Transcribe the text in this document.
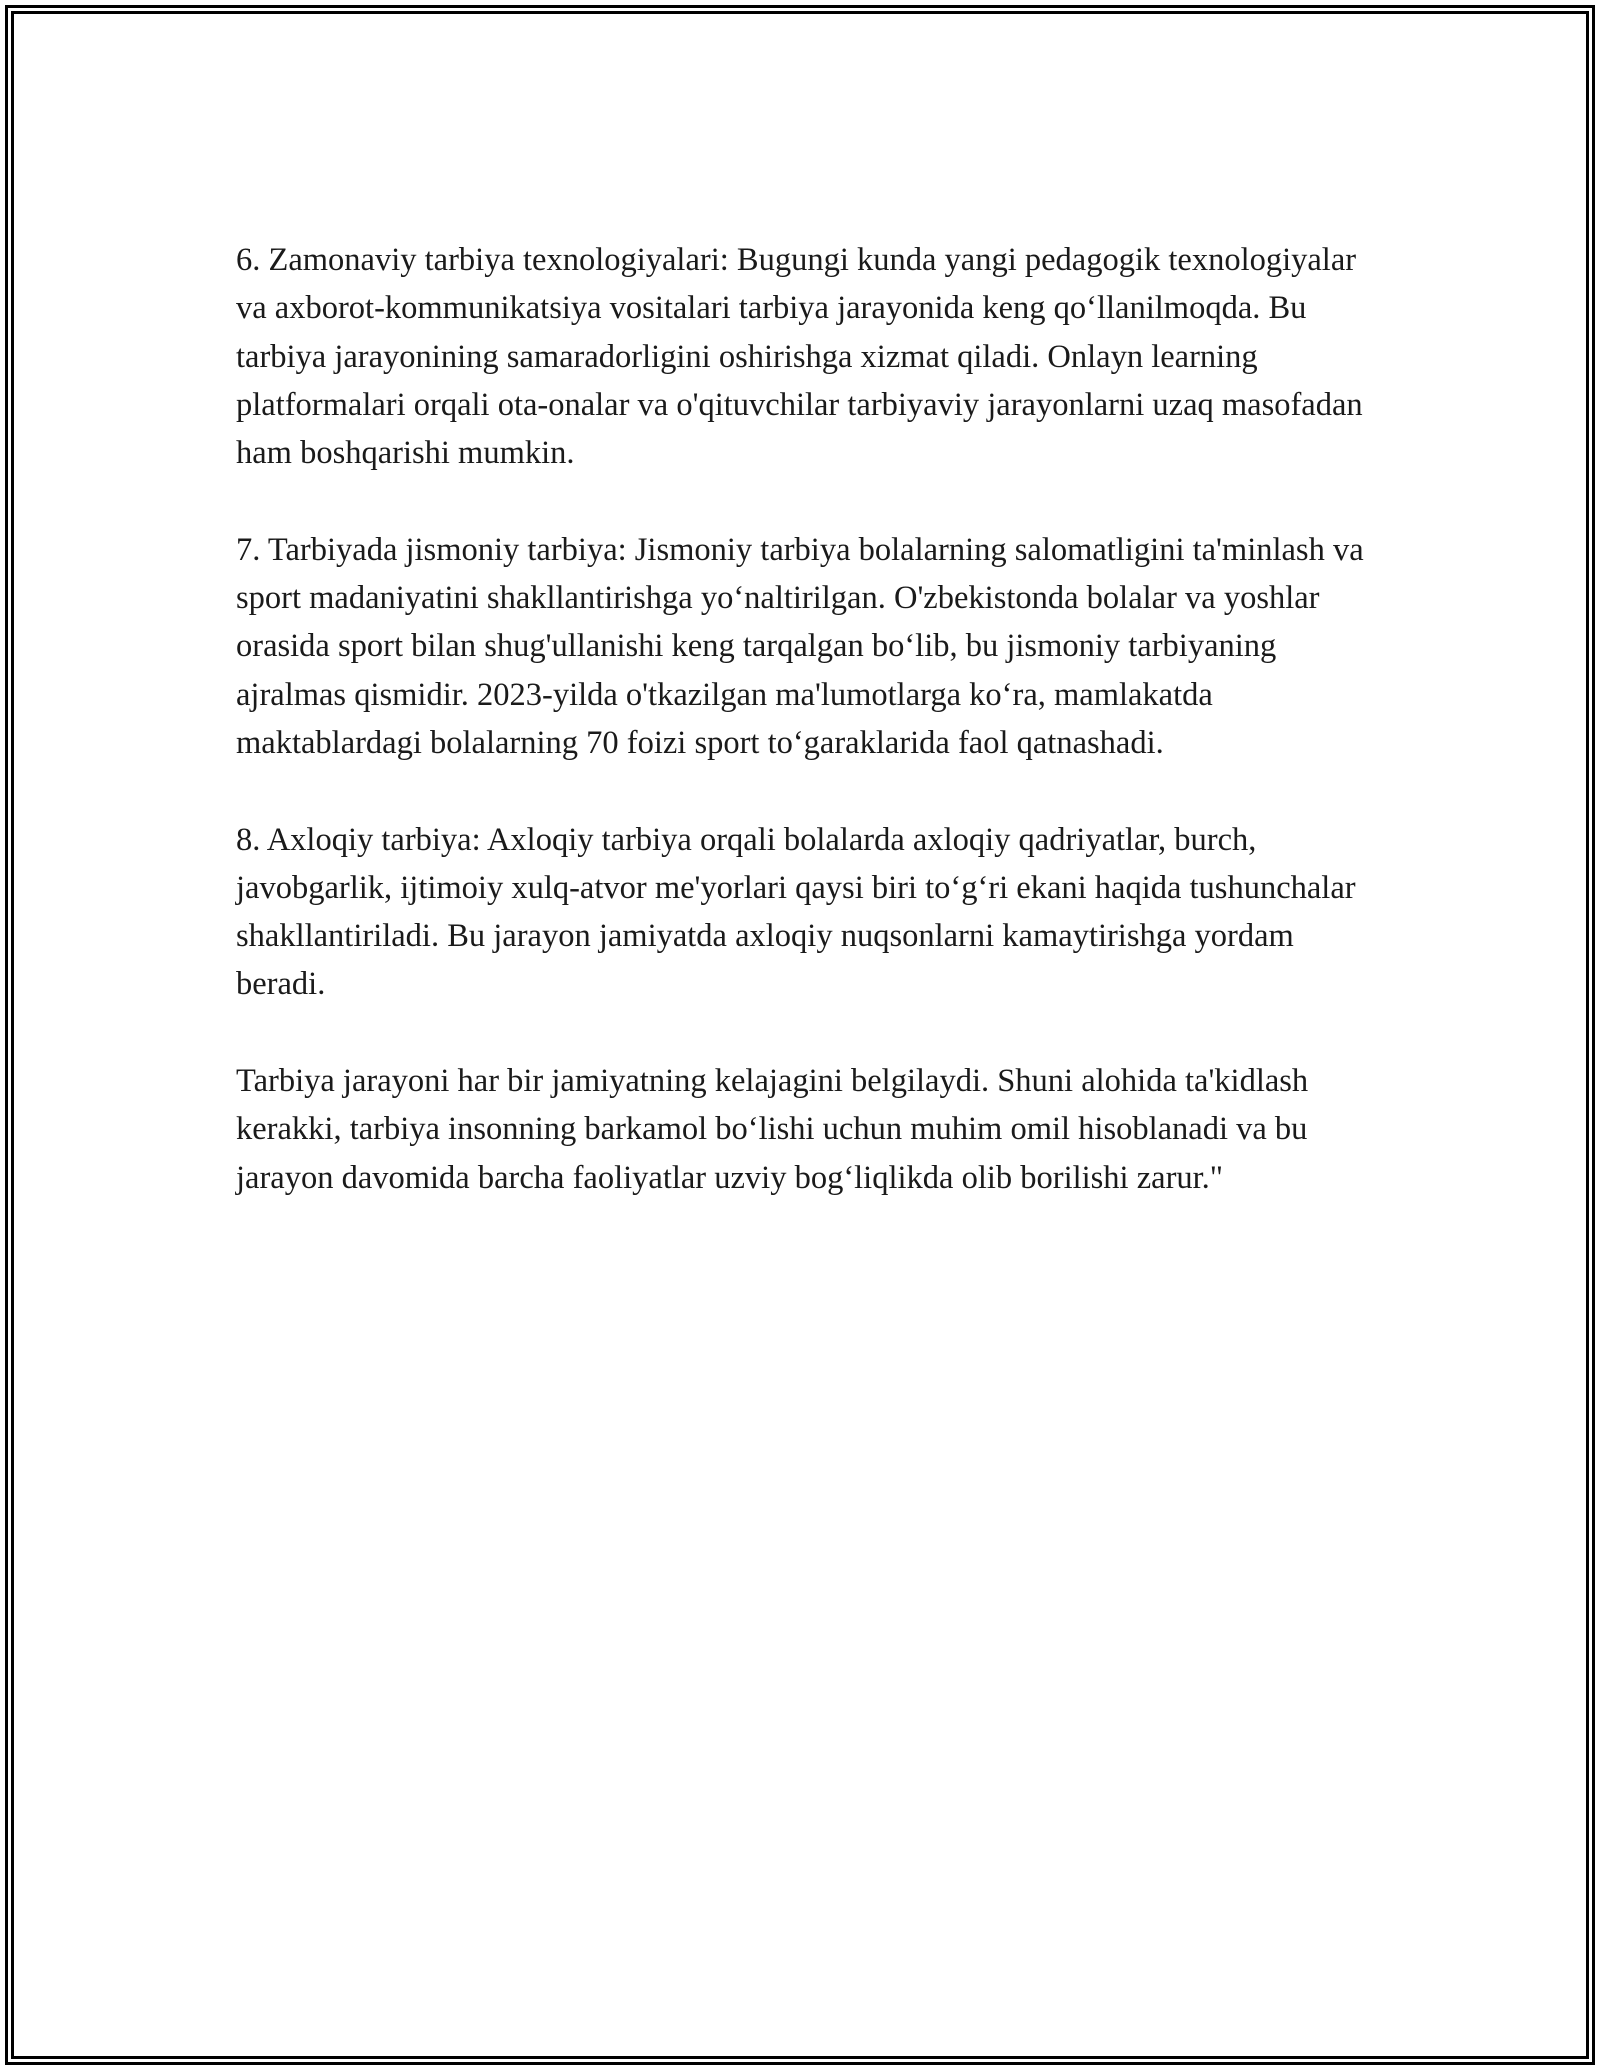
6. Zamonaviy tarbiya texnologiyalari: Bugungi kunda yangi pedagogik texnologiyalar va axborot-kommunikatsiya vositalari tarbiya jarayonida keng qo‘llanilmoqda. Bu tarbiya jarayonining samaradorligini oshirishga xizmat qiladi. Onlayn learning platformalari orqali ota-onalar va o'qituvchilar tarbiyaviy jarayonlarni uzaq masofadan ham boshqarishi mumkin.

7. Tarbiyada jismoniy tarbiya: Jismoniy tarbiya bolalarning salomatligini ta'minlash va sport madaniyatini shakllantirishga yo‘naltirilgan. O'zbekistonda bolalar va yoshlar orasida sport bilan shug'ullanishi keng tarqalgan bo‘lib, bu jismoniy tarbiyaning ajralmas qismidir. 2023-yilda o'tkazilgan ma'lumotlarga ko‘ra, mamlakatda maktablardagi bolalarning 70 foizi sport to‘garaklarida faol qatnashadi.

8. Axloqiy tarbiya: Axloqiy tarbiya orqali bolalarda axloqiy qadriyatlar, burch, javobgarlik, ijtimoiy xulq-atvor me'yorlari qaysi biri to‘g‘ri ekani haqida tushunchalar shakllantiriladi. Bu jarayon jamiyatda axloqiy nuqsonlarni kamaytirishga yordam beradi.

Tarbiya jarayoni har bir jamiyatning kelajagini belgilaydi. Shuni alohida ta'kidlash kerakki, tarbiya insonning barkamol bo‘lishi uchun muhim omil hisoblanadi va bu jarayon davomida barcha faoliyatlar uzviy bog‘liqlikda olib borilishi zarur."
